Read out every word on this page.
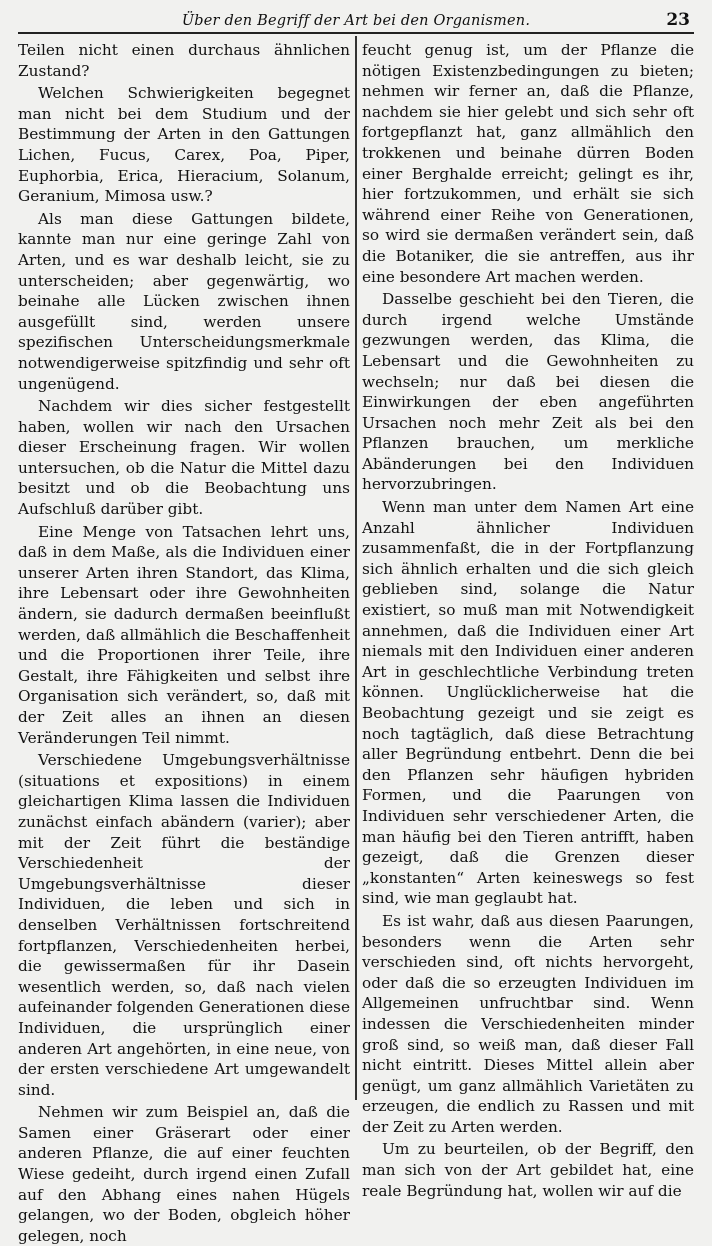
Über den Begriff der Art bei den Organismen.	23

Teilen nicht einen durchaus ähnlichen Zustand?

Welchen Schwierigkeiten begegnet man nicht bei dem Studium und der Bestimmung der Arten in den Gattungen Lichen, Fucus, Carex, Poa, Piper, Euphorbia, Erica, Hieracium, Solanum, Geranium, Mimosa usw.?

Als man diese Gattungen bildete, kannte man nur eine geringe Zahl von Arten, und es war deshalb leicht, sie zu unterscheiden; aber gegenwärtig, wo beinahe alle Lücken zwischen ihnen ausgefüllt sind, werden unsere spezifischen Unterscheidungsmerkmale notwendigerweise spitzfindig und sehr oft ungenügend.

Nachdem wir dies sicher festgestellt haben, wollen wir nach den Ursachen dieser Erscheinung fragen. Wir wollen untersuchen, ob die Natur die Mittel dazu besitzt und ob die Beobachtung uns Aufschluß darüber gibt.

Eine Menge von Tatsachen lehrt uns, daß in dem Maße, als die Individuen einer unserer Arten ihren Standort, das Klima, ihre Lebensart oder ihre Gewohnheiten ändern, sie dadurch dermaßen beeinflußt werden, daß allmählich die Beschaffenheit und die Proportionen ihrer Teile, ihre Gestalt, ihre Fähigkeiten und selbst ihre Organisation sich verändert, so, daß mit der Zeit alles an ihnen an diesen Veränderungen Teil nimmt.

Verschiedene Umgebungsverhältnisse (situations et expositions) in einem gleichartigen Klima lassen die Individuen zunächst einfach abändern (varier); aber mit der Zeit führt die beständige Verschiedenheit der Umgebungsverhältnisse dieser Individuen, die leben und sich in denselben Verhältnissen fortschreitend fortpflanzen, Verschiedenheiten herbei, die gewissermaßen für ihr Dasein wesentlich werden, so, daß nach vielen aufeinander folgenden Generationen diese Individuen, die ursprünglich einer anderen Art angehörten, in eine neue, von der ersten verschiedene Art umgewandelt sind.

Nehmen wir zum Beispiel an, daß die Samen einer Gräserart oder einer anderen Pflanze, die auf einer feuchten Wiese gedeiht, durch irgend einen Zufall auf den Abhang eines nahen Hügels gelangen, wo der Boden, obgleich höher gelegen, noch

feucht genug ist, um der Pflanze die nötigen Existenzbedingungen zu bieten; nehmen wir ferner an, daß die Pflanze, nachdem sie hier gelebt und sich sehr oft fortgepflanzt hat, ganz allmählich den trokkenen und beinahe dürren Boden einer Berghalde erreicht; gelingt es ihr, hier fortzukommen, und erhält sie sich während einer Reihe von Generationen, so wird sie dermaßen verändert sein, daß die Botaniker, die sie antreffen, aus ihr eine besondere Art machen werden.

Dasselbe geschieht bei den Tieren, die durch irgend welche Umstände gezwungen werden, das Klima, die Lebensart und die Gewohnheiten zu wechseln; nur daß bei diesen die Einwirkungen der eben angeführten Ursachen noch mehr Zeit als bei den Pflanzen brauchen, um merkliche Abänderungen bei den Individuen hervorzubringen.

Wenn man unter dem Namen Art eine Anzahl ähnlicher Individuen zusammenfaßt, die in der Fortpflanzung sich ähnlich erhalten und die sich gleich geblieben sind, solange die Natur existiert, so muß man mit Notwendigkeit annehmen, daß die Individuen einer Art niemals mit den Individuen einer anderen Art in geschlechtliche Verbindung treten können. Unglücklicherweise hat die Beobachtung gezeigt und sie zeigt es noch tagtäglich, daß diese Betrachtung aller Begründung entbehrt. Denn die bei den Pflanzen sehr häufigen hybriden Formen, und die Paarungen von Individuen sehr verschiedener Arten, die man häufig bei den Tieren antrifft, haben gezeigt, daß die Grenzen dieser „konstanten“ Arten keineswegs so fest sind, wie man geglaubt hat.

Es ist wahr, daß aus diesen Paarungen, besonders wenn die Arten sehr verschieden sind, oft nichts hervorgeht, oder daß die so erzeugten Individuen im Allgemeinen unfruchtbar sind. Wenn indessen die Verschiedenheiten minder groß sind, so weiß man, daß dieser Fall nicht eintritt. Dieses Mittel allein aber genügt, um ganz allmählich Varietäten zu erzeugen, die endlich zu Rassen und mit der Zeit zu Arten werden.

Um zu beurteilen, ob der Begriff, den man sich von der Art gebildet hat, eine reale Begründung hat, wollen wir auf die
